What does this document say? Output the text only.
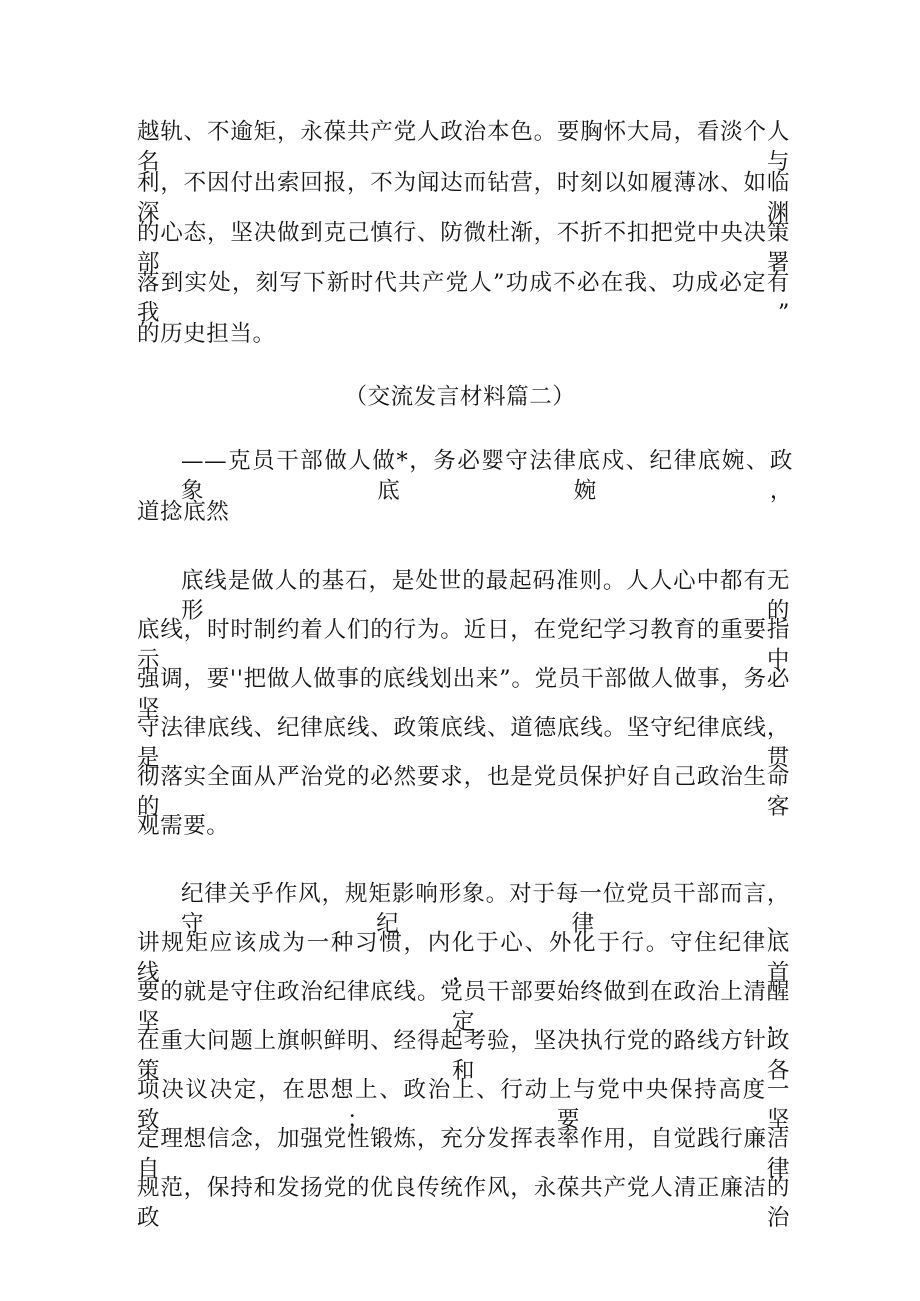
越轨、不逾矩，永葆共产党人政治本色。要胸怀大局，看淡个人名与
利，不因付出索回报，不为闻达而钻营，时刻以如履薄冰、如临深渊
的心态，坚决做到克己慎行、防微杜渐，不折不扣把党中央决策部署
落到实处，刻写下新时代共产党人”功成不必在我、功成必定有我”
的历史担当。
（交流发言材料篇二）
——克员干部做人做*，务必婴守法律底戍、纪律底婉、政象底婉，
道捻底然
底线是做人的基石，是处世的最起码准则。人人心中都有无形的
底线，时时制约着人们的行为。近日，在党纪学习教育的重要指示中
强调，要''把做人做事的底线划出来”。党员干部做人做事，务必坚
守法律底线、纪律底线、政策底线、道德底线。坚守纪律底线，是贯
彻落实全面从严治党的必然要求，也是党员保护好自己政治生命的客
观需要。
纪律关乎作风，规矩影响形象。对于每一位党员干部而言，守纪律、
讲规矩应该成为一种习惯，内化于心、外化于行。守住纪律底线，首
要的就是守住政治纪律底线。党员干部要始终做到在政治上清醒坚定，
在重大问题上旗帜鲜明、经得起考验，坚决执行党的路线方针政策和各
项决议决定，在思想上、政治上、行动上与党中央保持高度一致；要坚
定理想信念，加强党性锻炼，充分发挥表率作用，自觉践行廉洁自律
规范，保持和发扬党的优良传统作风，永葆共产党人清正廉洁的政治
